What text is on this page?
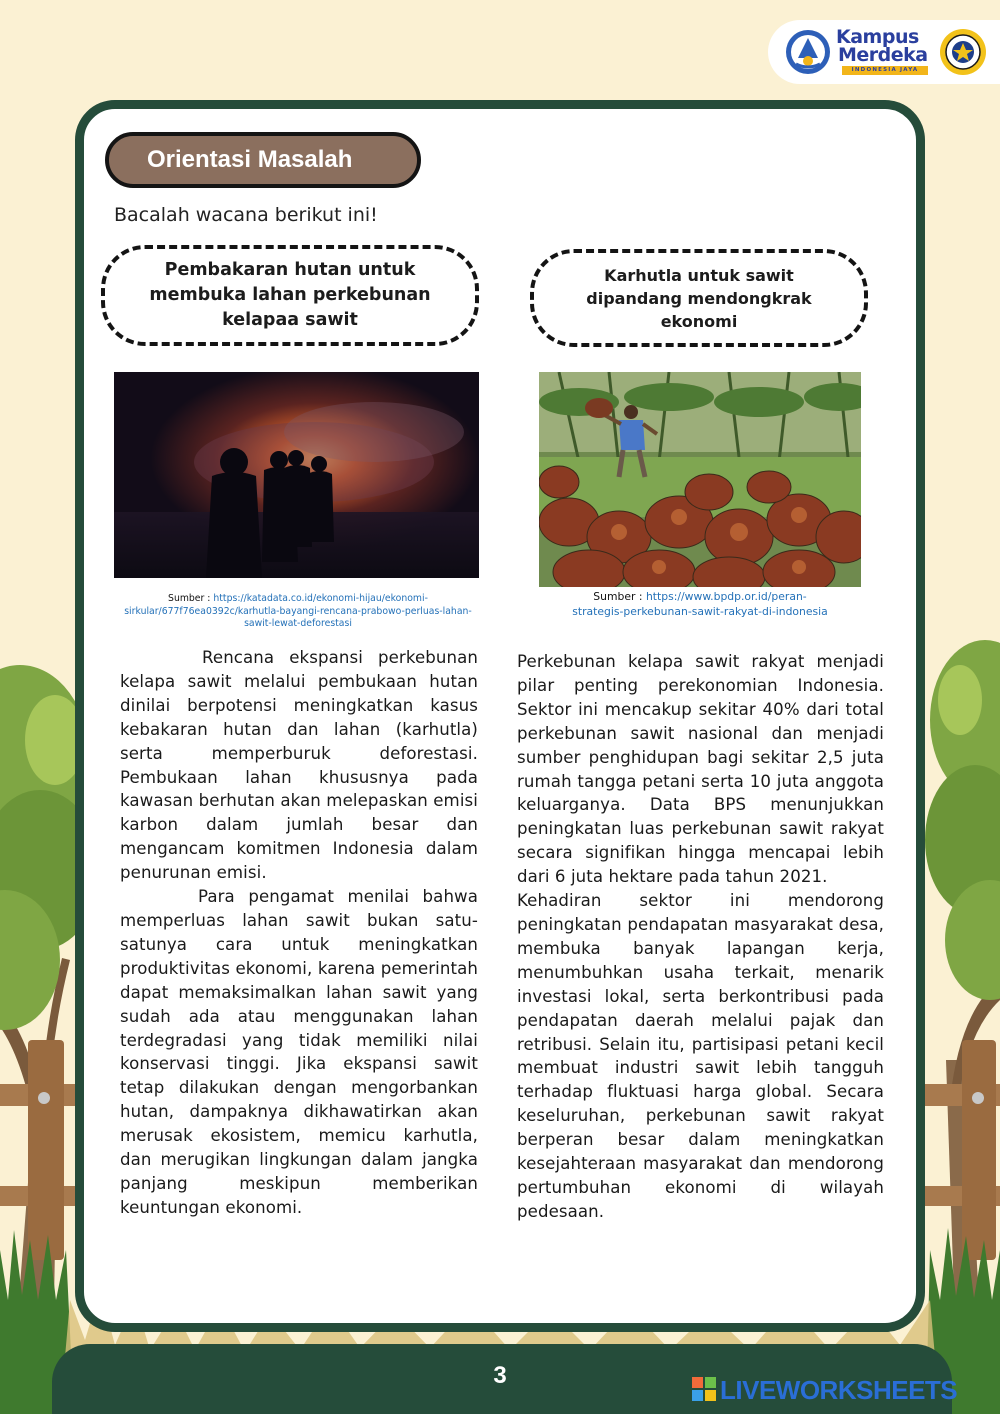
Kampus
Merdeka
INDONESIA JAYA
Orientasi Masalah
Bacalah wacana berikut ini!
Pembakaran hutan untuk membuka lahan perkebunan kelapaa sawit
Karhutla untuk sawit dipandang mendongkrak ekonomi
Sumber : https://katadata.co.id/ekonomi-hijau/ekonomi-sirkular/677f76ea0392c/karhutla-bayangi-rencana-prabowo-perluas-lahan-sawit-lewat-deforestasi
Sumber : https://www.bpdp.or.id/peran-strategis-perkebunan-sawit-rakyat-di-indonesia

Rencana ekspansi perkebunan kelapa sawit melalui pembukaan hutan dinilai berpotensi meningkatkan kasus kebakaran hutan dan lahan (karhutla) serta memperburuk deforestasi. Pembukaan lahan khususnya pada kawasan berhutan akan melepaskan emisi karbon dalam jumlah besar dan mengancam komitmen Indonesia dalam penurunan emisi.

Para pengamat menilai bahwa memperluas lahan sawit bukan satu-satunya cara untuk meningkatkan produktivitas ekonomi, karena pemerintah dapat memaksimalkan lahan sawit yang sudah ada atau menggunakan lahan terdegradasi yang tidak memiliki nilai konservasi tinggi. Jika ekspansi sawit tetap dilakukan dengan mengorbankan hutan, dampaknya dikhawatirkan akan merusak ekosistem, memicu karhutla, dan merugikan lingkungan dalam jangka panjang meskipun memberikan keuntungan ekonomi.

Perkebunan kelapa sawit rakyat menjadi pilar penting perekonomian Indonesia. Sektor ini mencakup sekitar 40% dari total perkebunan sawit nasional dan menjadi sumber penghidupan bagi sekitar 2,5 juta rumah tangga petani serta 10 juta anggota keluarganya. Data BPS menunjukkan peningkatan luas perkebunan sawit rakyat secara signifikan hingga mencapai lebih dari 6 juta hektare pada tahun 2021.

Kehadiran sektor ini mendorong peningkatan pendapatan masyarakat desa, membuka banyak lapangan kerja, menumbuhkan usaha terkait, menarik investasi lokal, serta berkontribusi pada pendapatan daerah melalui pajak dan retribusi. Selain itu, partisipasi petani kecil membuat industri sawit lebih tangguh terhadap fluktuasi harga global. Secara keseluruhan, perkebunan sawit rakyat berperan besar dalam meningkatkan kesejahteraan masyarakat dan mendorong pertumbuhan ekonomi di wilayah pedesaan.

3	LIVEWORKSHEETS
